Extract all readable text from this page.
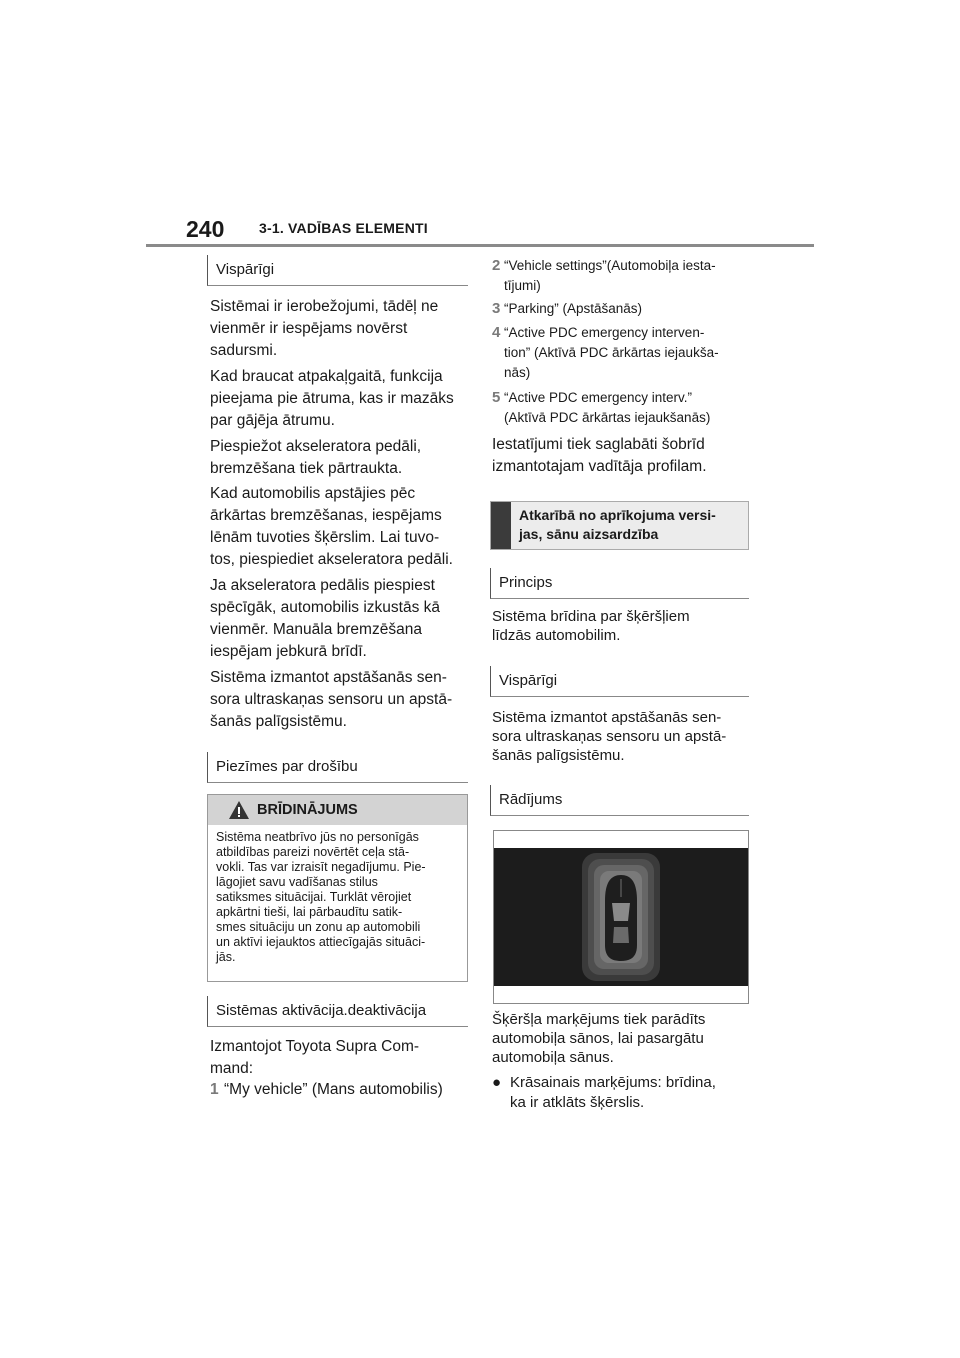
240 3-1. VADĪBAS ELEMENTI
Vispārīgi
Sistēmai ir ierobežojumi, tādēļ ne
vienmēr ir iespējams novērst
sadursmi.
Kad braucat atpakaļgaitā, funkcija
pieejama pie ātruma, kas ir mazāks
par gājēja ātrumu.
Piespiežot akseleratora pedāli,
bremzēšana tiek pārtraukta.
Kad automobilis apstājies pēc
ārkārtas bremzēšanas, iespējams
lēnām tuvoties šķērslim. Lai tuvo-
tos, piespiediet akseleratora pedāli.
Ja akseleratora pedālis piespiest
spēcīgāk, automobilis izkustās kā
vienmēr. Manuāla bremzēšana
iespējam jebkurā brīdī.
Sistēma izmantot apstāšanās sen-
sora ultraskaņas sensoru un apstā-
šanās palīgsistēmu.
Piezīmes par drošību
BRĪDINĀJUMS
Sistēma neatbrīvo jūs no personīgās
atbildības pareizi novērtēt ceļa stā-
vokli. Tas var izraisīt negadījumu. Pie-
lāgojiet savu vadīšanas stilus
satiksmes situācijai. Turklāt vērojiet
apkārtni tieši, lai pārbaudītu satik-
smes situāciju un zonu ap automobili
un aktīvi iejauktos attiecīgajās situāci-
jās.
Sistēmas aktivācija.deaktivācija
Izmantojot Toyota Supra Com-
mand:
1 “My vehicle” (Mans automobilis)
2 “Vehicle settings”(Automobiļa iesta-
tījumi)
3 “Parking” (Apstāšanās)
4 “Active PDC emergency interven-
tion” (Aktīvā PDC ārkārtas iejaukša-
nās)
5 “Active PDC emergency interv.”
(Aktīvā PDC ārkārtas iejaukšanās)
Iestatījumi tiek saglabāti šobrīd
izmantotajam vadītāja profilam.
Atkarībā no aprīkojuma versi-
jas, sānu aizsardzība
Princips
Sistēma brīdina par šķēršļiem
līdzās automobilim.
Vispārīgi
Sistēma izmantot apstāšanās sen-
sora ultraskaņas sensoru un apstā-
šanās palīgsistēmu.
Rādījums
Šķēršļa marķējums tiek parādīts
automobiļa sānos, lai pasargātu
automobiļa sānus.
● Krāsainais marķējums: brīdina,
ka ir atklāts šķērslis.
